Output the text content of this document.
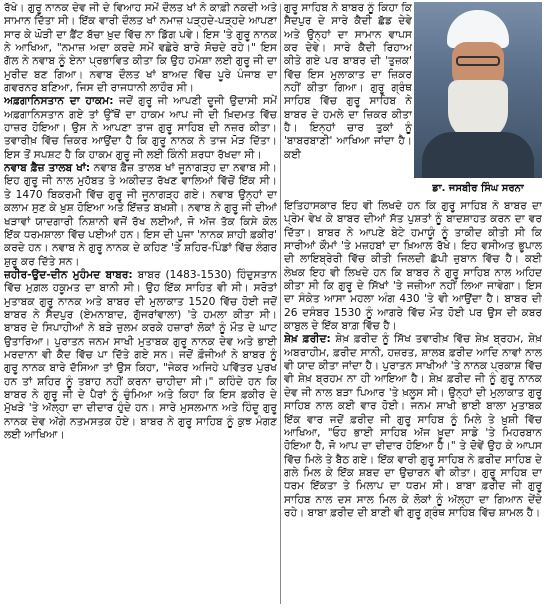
ਰੱਖੇ। ਗੁਰੂ ਨਾਨਕ ਦੇਵ ਜੀ ਦੇ ਵਿਆਹ ਸਮੇਂ ਦੌਲਤ ਖਾਂ ਨੇ ਕਾਫ਼ੀ ਨਕਦੀ ਅਤੇ ਸਾਮਾਨ ਦਿੱਤਾ ਸੀ। ਇੱਕ ਵਾਰੀ ਦੌਲਤ ਖਾਂ ਨਮਾਜ਼ ਪੜ੍ਹਦੇ-ਪੜ੍ਹਦੇ ਆਪਣਾ ਸਾਰ ਕੇ ਘੋੜੀ ਦਾ ਫ਼ੈਂਟ ਬੱਚਾ ਖ਼ੁਦ ਵਿੱਚ ਨਾ ਡਿੱਗ ਪਵੇ। ਇਸ 'ਤੇ ਗੁਰੂ ਨਾਨਕ ਨੇ ਆਖਿਆ, "ਨਮਾਜ਼ ਅਦਾ ਕਰਦੇ ਸਮੇਂ ਵਛੇਰੇ ਬਾਰੇ ਸੋਚਦੇ ਰਹੇ।" ਇਸ ਗੱਲ ਨੇ ਨਵਾਬ ਨੂੰ ਏਨਾ ਪ੍ਰਭਾਵਿਤ ਕੀਤਾ ਕਿ ਉਹ ਹਮੇਸ਼ਾ ਲਈ ਗੁਰੂ ਜੀ ਦਾ ਮੁਰੀਦ ਬਣ ਗਿਆ। ਨਵਾਬ ਦੌਲਤ ਖਾਂ ਬਾਅਦ ਵਿੱਚ ਪੂਰੇ ਪੰਜਾਬ ਦਾ ਗਵਰਨਰ ਬਣਿਆ, ਜਿਸ ਦੀ ਰਾਜਧਾਨੀ ਲਾਹੌਰ ਸੀ।

ਅਫ਼ਗਾਨਿਸਤਾਨ ਦਾ ਹਾਕਮ: ਜਦੋਂ ਗੁਰੂ ਜੀ ਆਪਣੀ ਦੂਜੀ ਉਦਾਸੀ ਸਮੇਂ ਅਫ਼ਗਾਨਿਸਤਾਨ ਗਏ ਤਾਂ ਉੱਥੋਂ ਦਾ ਹਾਕਮ ਆਪ ਜੀ ਦੀ ਖ਼ਿਦਮਤ ਵਿੱਚ ਹਾਜ਼ਰ ਹੋਇਆ। ਉਸ ਨੇ ਆਪਣਾ ਤਾਜ ਗੁਰੂ ਸਾਹਿਬ ਦੀ ਨਜ਼ਰ ਕੀਤਾ। ਤਵਾਰੀਖ਼ ਵਿੱਚ ਜ਼ਿਕਰ ਆਉਂਦਾ ਹੈ ਕਿ ਗੁਰੂ ਨਾਨਕ ਨੇ ਤਾਜ ਮੋੜ ਦਿੱਤਾ। ਇਸ ਤੋਂ ਸਪਸ਼ਟ ਹੈ ਕਿ ਹਾਕਮ ਗੁਰੂ ਜੀ ਲਈ ਕਿੰਨੀ ਸ਼ਰਧਾ ਰੱਖਦਾ ਸੀ।

ਨਵਾਬ ਫ਼ੈਜ਼ ਤਾਲਬ ਖਾਂ: ਨਵਾਬ ਫ਼ੈਜ਼ ਤਾਲਬ ਖਾਂ ਜੂਨਾਗੜ੍ਹ ਦਾ ਨਵਾਬ ਸੀ। ਇਹ ਗੁਰੂ ਜੀ ਨਾਲ ਮੁਹੱਬਤ ਤੇ ਅਕੀਦਤ ਰੱਖਣ ਵਾਲਿਆਂ ਵਿੱਚੋਂ ਇੱਕ ਸੀ। ਤੇ 1470 ਬਿਕਰਮੀ ਵਿੱਚ ਗੁਰੂ ਜੀ ਜੂਨਾਗੜ੍ਹ ਗਏ। ਨਵਾਬ ਉਨ੍ਹਾਂ ਦਾ ਕਲਾਮ ਸੁਣ ਕੇ ਖ਼ੁਸ਼ ਹੋਇਆ ਅਤੇ ਇੱਜ਼ਤ ਬਖ਼ਸ਼ੀ। ਨਵਾਬ ਨੇ ਗੁਰੂ ਜੀ ਦੀਆਂ ਖੜਾਵਾਂ ਯਾਦਗਾਰੀ ਨਿਸ਼ਾਨੀ ਵਜੋਂ ਰੱਖ ਲਈਆਂ, ਜੋ ਅੱਜ ਤੱਕ ਕਿਸੇ ਕੋਲ ਇੱਕ ਧਰਮਸ਼ਾਲਾ ਵਿੱਚ ਪਈਆਂ ਹਨ। ਇਸ ਦੀ ਪੂਜਾ 'ਨਾਨਕ ਸ਼ਾਹੀ ਫ਼ਕੀਰ' ਕਰਦੇ ਹਨ। ਨਵਾਬ ਨੇ ਗੁਰੂ ਨਾਨਕ ਦੇ ਕਹਿਣ 'ਤੇ ਸ਼ਹਿਰ-ਪਿੰਡਾਂ ਵਿੱਚ ਲੰਗਰ ਸ਼ੁਰੂ ਕਰ ਦਿੱਤੇ ਸਨ।

ਜ਼ਹੀਰ-ਉਦ-ਦੀਨ ਮੁਹੰਮਦ ਬਾਬਰ: ਬਾਬਰ (1483-1530) ਹਿੰਦੁਸਤਾਨ ਵਿੱਚ ਮੁਗ਼ਲ ਹਕੂਮਤ ਦਾ ਬਾਨੀ ਸੀ। ਉਹ ਇੱਕ ਸਾਹਿਤ ਵੀ ਸੀ। ਸਰੋਤਾਂ ਮੁਤਾਬਕ ਗੁਰੂ ਨਾਨਕ ਅਤੇ ਬਾਬਰ ਦੀ ਮੁਲਾਕਾਤ 1520 ਵਿੱਚ ਹੋਈ ਜਦੋਂ ਬਾਬਰ ਨੇ ਸੈਦਪੁਰ (ਏਮਨਾਬਾਦ, ਗੁੱਜਰਾਂਵਾਲਾ) 'ਤੇ ਹਮਲਾ ਕੀਤਾ ਸੀ। ਬਾਬਰ ਦੇ ਸਿਪਾਹੀਆਂ ਨੇ ਬੜੇ ਜ਼ੁਲਮ ਕਰਕੇ ਹਜ਼ਾਰਾਂ ਲੋਕਾਂ ਨੂੰ ਮੌਤ ਦੇ ਘਾਟ ਉਤਾਰਿਆ। ਪੁਰਾਤਨ ਜਨਮ ਸਾਖੀ ਮੁਤਾਬਕ ਗੁਰੂ ਨਾਨਕ ਦੇਵ ਅਤੇ ਭਾਈ ਮਰਦਾਨਾ ਵੀ ਕੈਦ ਵਿੱਚ ਪਾ ਦਿੱਤੇ ਗਏ ਸਨ। ਜਦੋਂ ਫ਼ੌਜੀਆਂ ਨੇ ਬਾਬਰ ਨੂੰ ਗੁਰੂ ਨਾਨਕ ਬਾਰੇ ਦੱਸਿਆ ਤਾਂ ਉਸ ਕਿਹਾ, "ਜੇਕਰ ਅਜਿਹੇ ਪਵਿੱਤਰ ਪੁਰਖ ਹਨ ਤਾਂ ਸ਼ਹਿਰ ਨੂੰ ਤਬਾਹ ਨਹੀਂ ਕਰਨਾ ਚਾਹੀਦਾ ਸੀ।" ਕਹਿੰਦੇ ਹਨ ਕਿ ਬਾਬਰ ਨੇ ਗੁਰੂ ਜੀ ਦੇ ਪੈਰਾਂ ਨੂੰ ਚੁੰਮਿਆ ਅਤੇ ਕਿਹਾ ਕਿ ਇਸ ਫ਼ਕੀਰ ਦੇ ਮੁੱਖੜੇ 'ਤੇ ਅੱਲ੍ਹਾ ਦਾ ਦੀਦਾਰ ਹੁੰਦੇ ਹਨ। ਸਾਰੇ ਮੁਸਲਮਾਨ ਅਤੇ ਹਿੰਦੂ ਗੁਰੂ ਨਾਨਕ ਦੇਵ ਅੱਗੇ ਨਤਮਸਤਕ ਹੋਏ। ਬਾਬਰ ਨੇ ਗੁਰੂ ਸਾਹਿਬ ਨੂੰ ਕੁਝ ਮੰਗਣ ਲਈ ਆਖਿਆ।

ਗੁਰੂ ਸਾਹਿਬ ਨੇ ਬਾਬਰ ਨੂੰ ਕਿਹਾ ਕਿ ਸੈਦਪੁਰ ਦੇ ਸਾਰੇ ਕੈਦੀ ਛੱਡ ਦੇਵੇ ਅਤੇ ਉਨ੍ਹਾਂ ਦਾ ਸਾਮਾਨ ਵਾਪਸ ਕਰ ਦੇਵੇ। ਸਾਰੇ ਕੈਦੀ ਰਿਹਾਅ ਕੀਤੇ ਗਏ ਪਰ ਬਾਬਰ ਦੀ 'ਤੁਜ਼ਕ' ਵਿੱਚ ਇਸ ਮੁਲਾਕਾਤ ਦਾ ਜ਼ਿਕਰ ਨਹੀਂ ਕੀਤਾ ਗਿਆ। ਗੁਰੂ ਗ੍ਰੰਥ ਸਾਹਿਬ ਵਿੱਚ ਗੁਰੂ ਸਾਹਿਬ ਨੇ ਬਾਬਰ ਦੇ ਹਮਲੇ ਦਾ ਜ਼ਿਕਰ ਕੀਤਾ ਹੈ। ਇਨ੍ਹਾਂ ਚਾਰ ਤੁਕਾਂ ਨੂੰ 'ਬਾਬਰਬਾਣੀ' ਆਖਿਆ ਜਾਂਦਾ ਹੈ। ਕਈ
ਡਾ. ਜਸਬੀਰ ਸਿੰਘ ਸਰਨਾ

ਇਤਿਹਾਸਕਾਰ ਇਹ ਵੀ ਲਿਖਦੇ ਹਨ ਕਿ ਗੁਰੂ ਸਾਹਿਬ ਨੇ ਬਾਬਰ ਦਾ ਪ੍ਰੇਮ ਵੇਖ ਕੇ ਬਾਬਰ ਦੀਆਂ ਸੱਤ ਪੁਸ਼ਤਾਂ ਨੂੰ ਬਾਦਸ਼ਾਹਤ ਕਰਨ ਦਾ ਵਰ ਦਿੱਤਾ। ਬਾਬਰ ਨੇ ਆਪਣੇ ਬੇਟੇ ਹਮਾਯੂੰ ਨੂੰ ਤਾਕੀਦ ਕੀਤੀ ਸੀ ਕਿ ਸਾਰੀਆਂ ਕੌਮਾਂ 'ਤੇ ਮਜ਼ਹਬਾਂ ਦਾ ਖ਼ਿਆਲ ਰੱਖੇ। ਇਹ ਵਸੀਅਤ ਭੂਪਾਲ ਦੀ ਲਾਇਬ੍ਰੇਰੀ ਵਿੱਚ ਕੀਤੀ ਜਿਲਦੀ ਛੱਪੀ ਜ਼ੁਬਾਨ ਵਿੱਚ ਹੈ। ਕਈ ਲੇਖਕ ਇਹ ਵੀ ਲਿਖਦੇ ਹਨ ਕਿ ਬਾਬਰ ਨੇ ਗੁਰੂ ਸਾਹਿਬ ਨਾਲ ਅਹਿਦ ਕੀਤਾ ਸੀ ਕਿ ਗੁਰੂ ਦੇ ਸਿੱਖਾਂ 'ਤੇ ਜਜ਼ੀਆ ਨਹੀਂ ਲਿਆ ਜਾਵੇਗਾ। ਇਸ ਦਾ ਸੰਕੇਤ ਆਸਾ ਮਹਲਾ ਅੰਗ 430 'ਤੇ ਵੀ ਆਉਂਦਾ ਹੈ। ਬਾਬਰ ਦੀ 26 ਦਸੰਬਰ 1530 ਨੂੰ ਆਗਰੇ ਵਿੱਚ ਮੌਤ ਹੋਈ ਪਰ ਉਸ ਦੀ ਕਬਰ ਕਾਬੁਲ ਦੇ ਇੱਕ ਬਾਗ਼ ਵਿੱਚ ਹੈ।

ਸ਼ੇਖ਼ ਫ਼ਰੀਦ: ਸ਼ੇਖ਼ ਫ਼ਰੀਦ ਨੂੰ ਸਿੱਖ ਤਵਾਰੀਖ਼ ਵਿੱਚ ਸ਼ੇਖ਼ ਬ੍ਰਹਮ, ਸ਼ੇਖ਼ ਅਬਰਾਹੀਮ, ਫ਼ਰੀਦ ਸਾਨੀ, ਹਜ਼ਰਤ, ਸ਼ਾਲਬ ਫ਼ਰੀਦ ਆਦਿ ਨਾਵਾਂ ਨਾਲ ਵੀ ਯਾਦ ਕੀਤਾ ਜਾਂਦਾ ਹੈ। ਪੁਰਾਤਨ ਸਾਖੀਆਂ 'ਤੇ ਨਾਨਕ ਪ੍ਰਕਾਸ਼ ਵਿੱਚ ਵੀ ਸ਼ੇਖ਼ ਬ੍ਰਹਮ ਨਾ ਹੀ ਆਇਆ ਹੈ। ਸ਼ੇਖ਼ ਫ਼ਰੀਦ ਜੀ ਨੂੰ ਗੁਰੂ ਨਾਨਕ ਦੇਵ ਜੀ ਨਾਲ ਬੜਾ ਪਿਆਰ 'ਤੇ ਖ਼ਲੂਸ ਸੀ। ਉਨ੍ਹਾਂ ਦੀ ਮੁਲਾਕਾਤ ਗੁਰੂ ਸਾਹਿਬ ਨਾਲ ਕਈ ਵਾਰ ਹੋਈ। ਜਨਮ ਸਾਖੀ ਭਾਈ ਬਾਲਾ ਮੁਤਾਬਕ ਇੱਕ ਵਾਰ ਜਦੋਂ ਫ਼ਰੀਦ ਜੀ ਗੁਰੂ ਸਾਹਿਬ ਨੂੰ ਮਿਲੇ ਤੇ ਖ਼ੁਸ਼ੀ ਵਿੱਚ ਆਖਿਆ, "ਓਹ ਭਾਈ ਸਾਹਿਬ ਅੱਜ ਖ਼ੂਦਾ ਸਾਡੇ 'ਤੇ ਮਿਹਰਬਾਨ ਹੋਇਆ ਹੈ, ਜੋ ਆਪ ਦਾ ਦੀਦਾਰ ਹੋਇਆ ਹੈ।" ਤੇ ਦੋਵੇਂ ਉਹ ਕੇ ਆਪਸ ਵਿੱਚ ਮਿਲੇ ਤੇ ਬੈਠ ਗਏ। ਇੱਕ ਵਾਰੀ ਗੁਰੂ ਸਾਹਿਬ ਨੇ ਫ਼ਰੀਦ ਸਾਹਿਬ ਦੇ ਗਲੇ ਮਿਲ ਕੇ ਇੱਕ ਸ਼ਬਦ ਦਾ ਉਚਾਰਨ ਵੀ ਕੀਤਾ। ਗੁਰੂ ਸਾਹਿਬ ਦਾ ਧਰਮ ਇੱਕਤਾ ਤੇ ਮਿਲਾਪ ਦਾ ਧਰਮ ਸੀ। ਬਾਬਾ ਫ਼ਰੀਦ ਜੀ ਗੁਰੂ ਸਾਹਿਬ ਨਾਲ ਦਸ ਸਾਲ ਮਿਲ ਕੇ ਲੋਕਾਂ ਨੂੰ ਅੱਲ੍ਹਾ ਦਾ ਗਿਆਨ ਦੇਂਦੇ ਰਹੇ। ਬਾਬਾ ਫ਼ਰੀਦ ਦੀ ਬਾਣੀ ਵੀ ਗੁਰੂ ਗ੍ਰੰਥ ਸਾਹਿਬ ਵਿੱਚ ਸ਼ਾਮਲ ਹੈ।
